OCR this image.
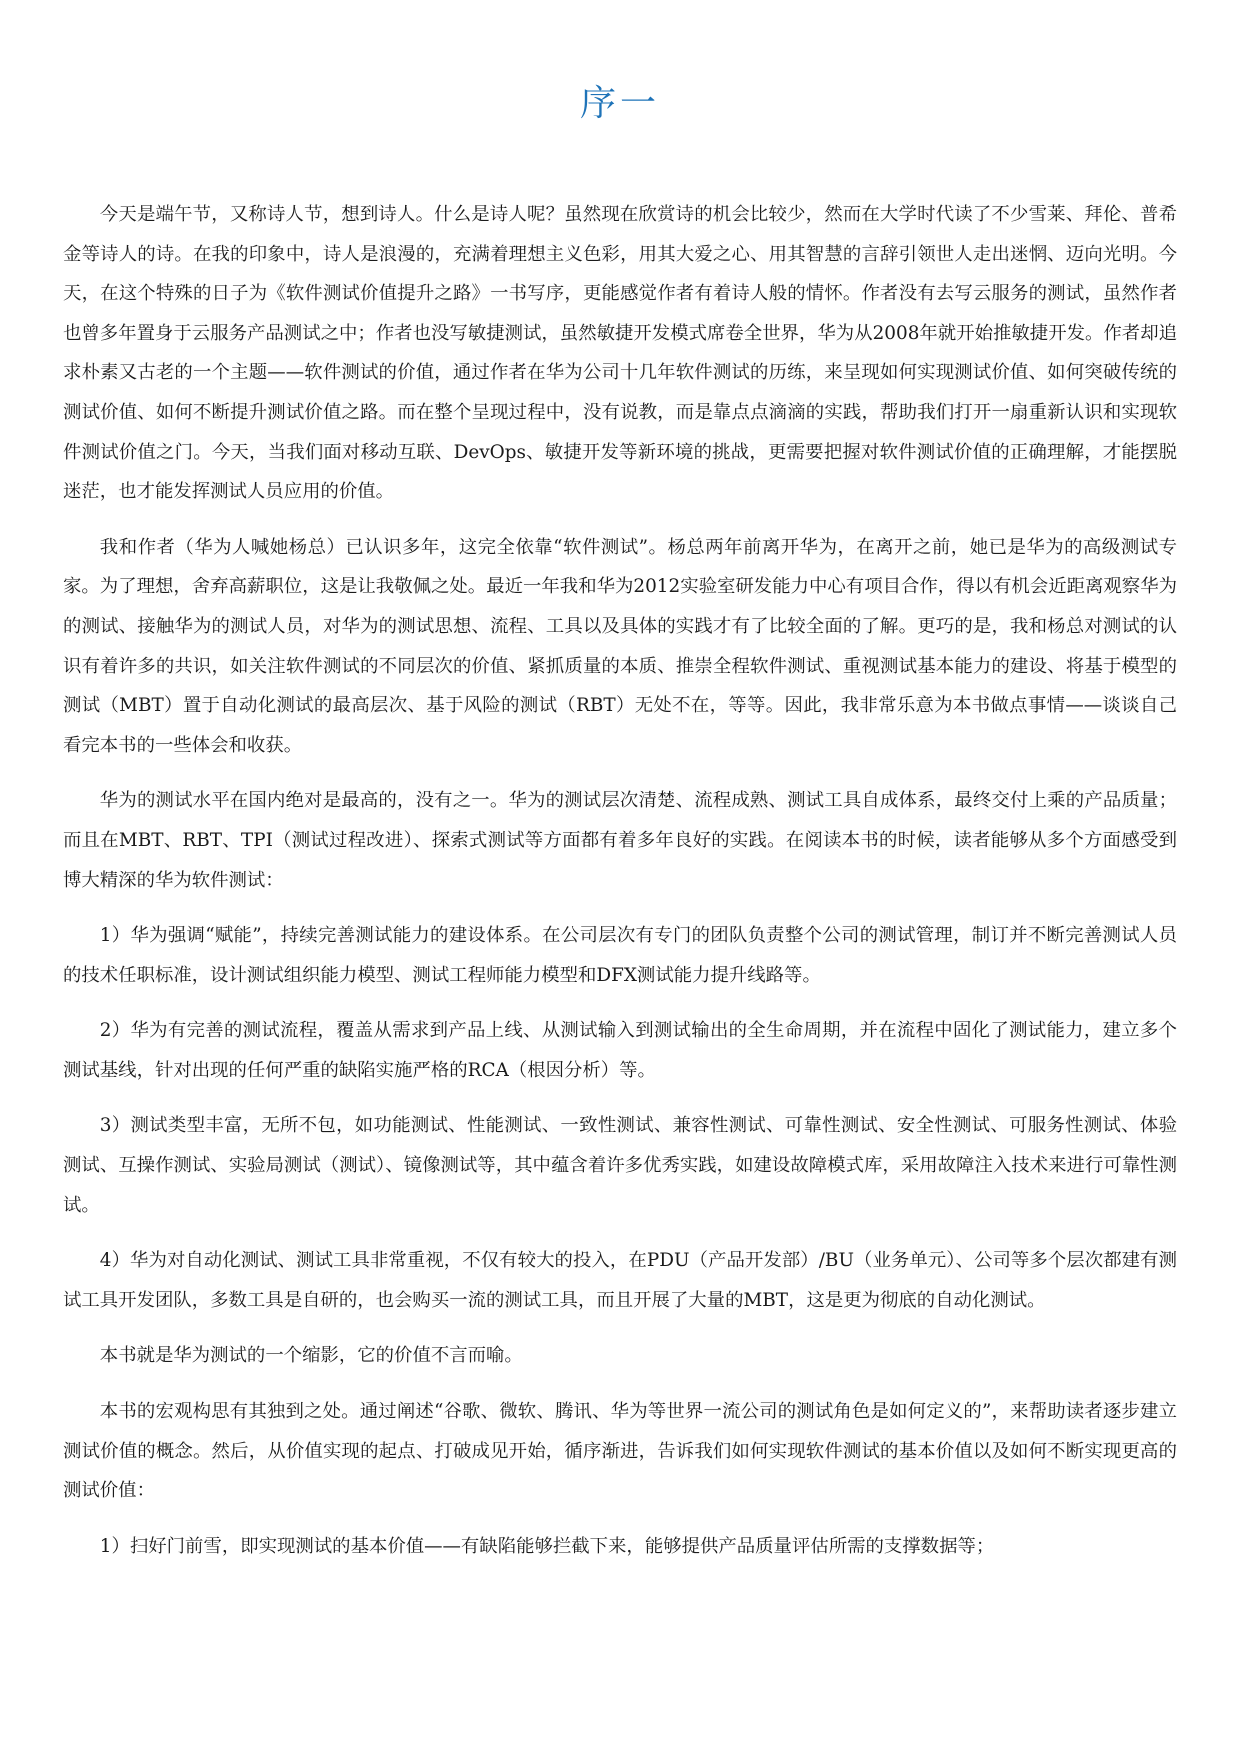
序一

今天是端午节，又称诗人节，想到诗人。什么是诗人呢？虽然现在欣赏诗的机会比较少，然而在大学时代读了不少雪莱、拜伦、普希金等诗人的诗。在我的印象中，诗人是浪漫的，充满着理想主义色彩，用其大爱之心、用其智慧的言辞引领世人走出迷惘、迈向光明。今天，在这个特殊的日子为《软件测试价值提升之路》一书写序，更能感觉作者有着诗人般的情怀。作者没有去写云服务的测试，虽然作者也曾多年置身于云服务产品测试之中；作者也没写敏捷测试，虽然敏捷开发模式席卷全世界，华为从2008年就开始推敏捷开发。作者却追求朴素又古老的一个主题——软件测试的价值，通过作者在华为公司十几年软件测试的历练，来呈现如何实现测试价值、如何突破传统的测试价值、如何不断提升测试价值之路。而在整个呈现过程中，没有说教，而是靠点点滴滴的实践，帮助我们打开一扇重新认识和实现软件测试价值之门。今天，当我们面对移动互联、DevOps、敏捷开发等新环境的挑战，更需要把握对软件测试价值的正确理解，才能摆脱迷茫，也才能发挥测试人员应用的价值。

我和作者（华为人喊她杨总）已认识多年，这完全依靠“软件测试”。杨总两年前离开华为，在离开之前，她已是华为的高级测试专家。为了理想，舍弃高薪职位，这是让我敬佩之处。最近一年我和华为2012实验室研发能力中心有项目合作，得以有机会近距离观察华为的测试、接触华为的测试人员，对华为的测试思想、流程、工具以及具体的实践才有了比较全面的了解。更巧的是，我和杨总对测试的认识有着许多的共识，如关注软件测试的不同层次的价值、紧抓质量的本质、推崇全程软件测试、重视测试基本能力的建设、将基于模型的测试（MBT）置于自动化测试的最高层次、基于风险的测试（RBT）无处不在，等等。因此，我非常乐意为本书做点事情——谈谈自己看完本书的一些体会和收获。

华为的测试水平在国内绝对是最高的，没有之一。华为的测试层次清楚、流程成熟、测试工具自成体系，最终交付上乘的产品质量；而且在MBT、RBT、TPI（测试过程改进）、探索式测试等方面都有着多年良好的实践。在阅读本书的时候，读者能够从多个方面感受到博大精深的华为软件测试：

1）华为强调“赋能”，持续完善测试能力的建设体系。在公司层次有专门的团队负责整个公司的测试管理，制订并不断完善测试人员的技术任职标准，设计测试组织能力模型、测试工程师能力模型和DFX测试能力提升线路等。

2）华为有完善的测试流程，覆盖从需求到产品上线、从测试输入到测试输出的全生命周期，并在流程中固化了测试能力，建立多个测试基线，针对出现的任何严重的缺陷实施严格的RCA（根因分析）等。

3）测试类型丰富，无所不包，如功能测试、性能测试、一致性测试、兼容性测试、可靠性测试、安全性测试、可服务性测试、体验测试、互操作测试、实验局测试（测试）、镜像测试等，其中蕴含着许多优秀实践，如建设故障模式库，采用故障注入技术来进行可靠性测试。

4）华为对自动化测试、测试工具非常重视，不仅有较大的投入，在PDU（产品开发部）/BU（业务单元）、公司等多个层次都建有测试工具开发团队，多数工具是自研的，也会购买一流的测试工具，而且开展了大量的MBT，这是更为彻底的自动化测试。

本书就是华为测试的一个缩影，它的价值不言而喻。

本书的宏观构思有其独到之处。通过阐述“谷歌、微软、腾讯、华为等世界一流公司的测试角色是如何定义的”，来帮助读者逐步建立测试价值的概念。然后，从价值实现的起点、打破成见开始，循序渐进，告诉我们如何实现软件测试的基本价值以及如何不断实现更高的测试价值：

1）扫好门前雪，即实现测试的基本价值——有缺陷能够拦截下来，能够提供产品质量评估所需的支撑数据等；
